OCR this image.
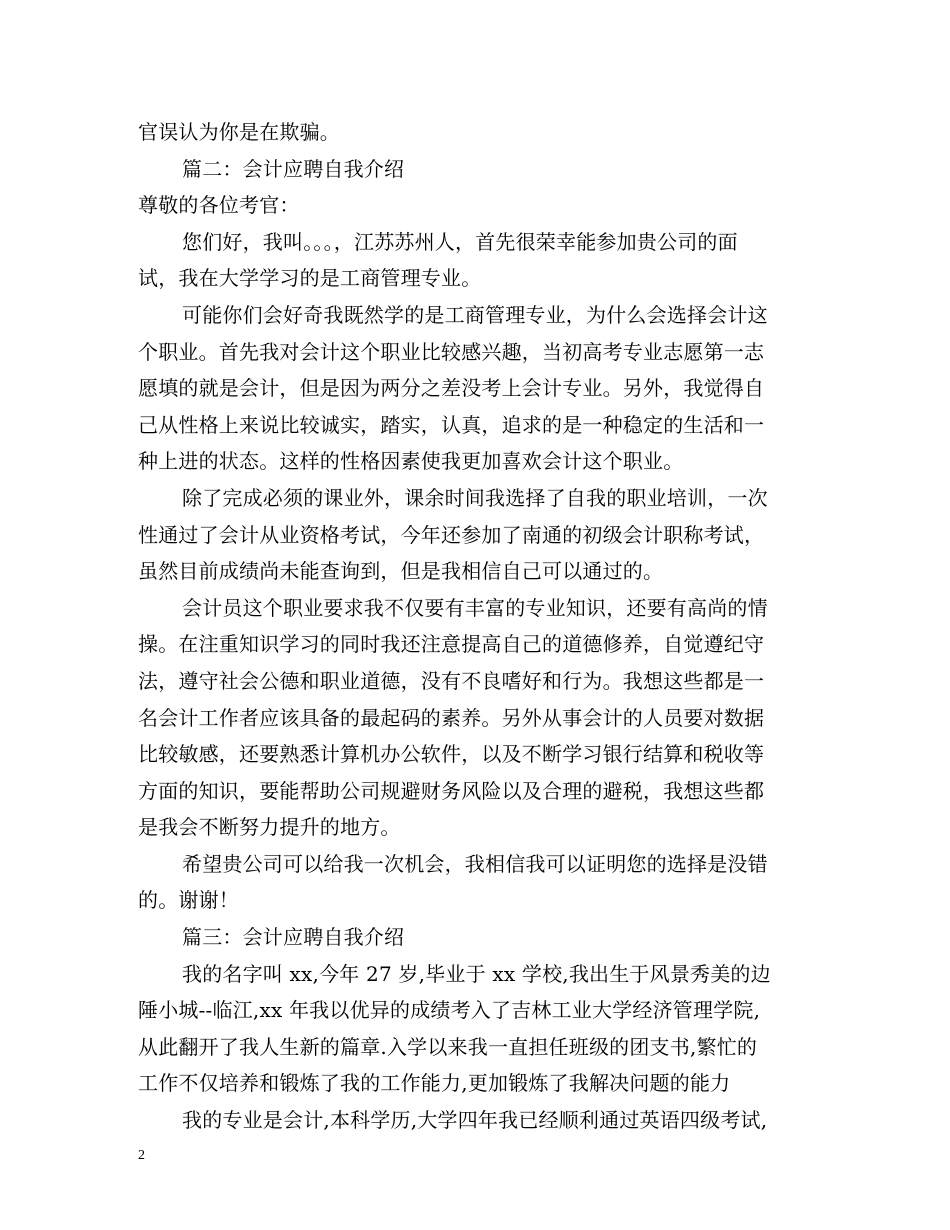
官误认为你是在欺骗。
篇二：会计应聘自我介绍
尊敬的各位考官：
您们好，我叫。。。，江苏苏州人，首先很荣幸能参加贵公司的面
试，我在大学学习的是工商管理专业。
可能你们会好奇我既然学的是工商管理专业，为什么会选择会计这
个职业。首先我对会计这个职业比较感兴趣，当初高考专业志愿第一志
愿填的就是会计，但是因为两分之差没考上会计专业。另外，我觉得自
己从性格上来说比较诚实，踏实，认真，追求的是一种稳定的生活和一
种上进的状态。这样的性格因素使我更加喜欢会计这个职业。
除了完成必须的课业外，课余时间我选择了自我的职业培训，一次
性通过了会计从业资格考试，今年还参加了南通的初级会计职称考试，
虽然目前成绩尚未能查询到，但是我相信自己可以通过的。
会计员这个职业要求我不仅要有丰富的专业知识，还要有高尚的情
操。在注重知识学习的同时我还注意提高自己的道德修养，自觉遵纪守
法，遵守社会公德和职业道德，没有不良嗜好和行为。我想这些都是一
名会计工作者应该具备的最起码的素养。另外从事会计的人员要对数据
比较敏感，还要熟悉计算机办公软件，以及不断学习银行结算和税收等
方面的知识，要能帮助公司规避财务风险以及合理的避税，我想这些都
是我会不断努力提升的地方。
希望贵公司可以给我一次机会，我相信我可以证明您的选择是没错
的。谢谢！
篇三：会计应聘自我介绍
我的名字叫 xx,今年 27 岁,毕业于 xx 学校,我出生于风景秀美的边
陲小城--临江,xx 年我以优异的成绩考入了吉林工业大学经济管理学院,
从此翻开了我人生新的篇章.入学以来我一直担任班级的团支书,繁忙的
工作不仅培养和锻炼了我的工作能力,更加锻炼了我解决问题的能力
我的专业是会计,本科学历,大学四年我已经顺利通过英语四级考试,
2
